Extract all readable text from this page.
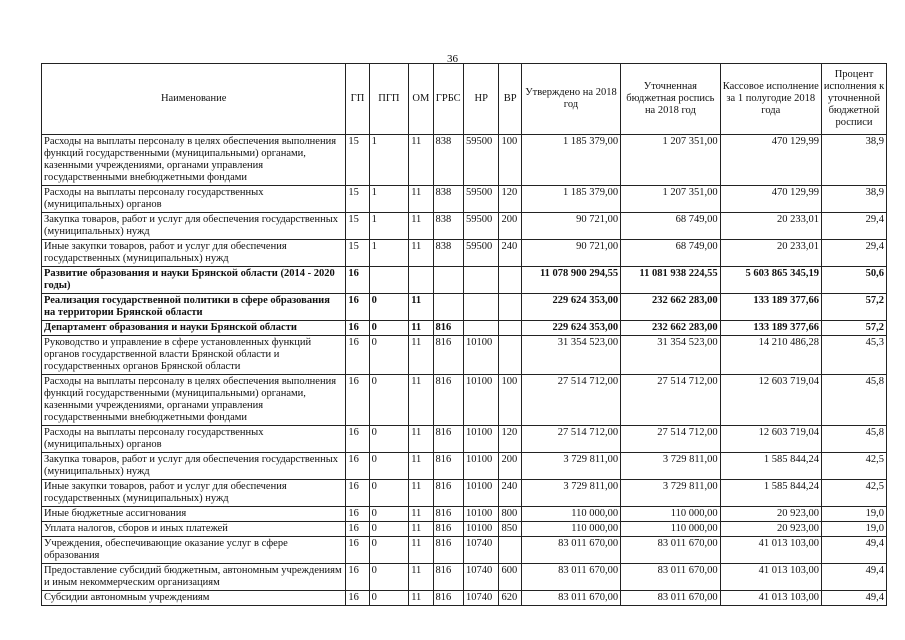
36
Наименование	ГП	ПГП	ОМ	ГРБС	НР	ВР	Утверждено на 2018 год	Уточненная бюджетная роспись на 2018 год	Кассовое исполнение за 1 полугодие 2018 года	Процент исполнения к уточненной бюджетной росписи
Расходы на выплаты персоналу в целях обеспечения выполнения функций государственными (муниципальными) органами, казенными учреждениями, органами управления государственными внебюджетными фондами	15	1	11	838	59500	100	1 185 379,00	1 207 351,00	470 129,99	38,9
Расходы на выплаты персоналу государственных (муниципальных) органов	15	1	11	838	59500	120	1 185 379,00	1 207 351,00	470 129,99	38,9
Закупка товаров, работ и услуг для обеспечения государственных (муниципальных) нужд	15	1	11	838	59500	200	90 721,00	68 749,00	20 233,01	29,4
Иные закупки товаров, работ и услуг для обеспечения государственных (муниципальных) нужд	15	1	11	838	59500	240	90 721,00	68 749,00	20 233,01	29,4
Развитие образования и науки Брянской области (2014 - 2020 годы)	16						11 078 900 294,55	11 081 938 224,55	5 603 865 345,19	50,6
Реализация государственной политики в сфере образования на территории Брянской области	16	0	11				229 624 353,00	232 662 283,00	133 189 377,66	57,2
Департамент образования и науки Брянской области	16	0	11	816			229 624 353,00	232 662 283,00	133 189 377,66	57,2
Руководство и управление в сфере установленных функций органов государственной власти Брянской области и государственных органов Брянской области	16	0	11	816	10100		31 354 523,00	31 354 523,00	14 210 486,28	45,3
Расходы на выплаты персоналу в целях обеспечения выполнения функций государственными (муниципальными) органами, казенными учреждениями, органами управления государственными внебюджетными фондами	16	0	11	816	10100	100	27 514 712,00	27 514 712,00	12 603 719,04	45,8
Расходы на выплаты персоналу государственных (муниципальных) органов	16	0	11	816	10100	120	27 514 712,00	27 514 712,00	12 603 719,04	45,8
Закупка товаров, работ и услуг для обеспечения государственных (муниципальных) нужд	16	0	11	816	10100	200	3 729 811,00	3 729 811,00	1 585 844,24	42,5
Иные закупки товаров, работ и услуг для обеспечения государственных (муниципальных) нужд	16	0	11	816	10100	240	3 729 811,00	3 729 811,00	1 585 844,24	42,5
Иные бюджетные ассигнования	16	0	11	816	10100	800	110 000,00	110 000,00	20 923,00	19,0
Уплата налогов, сборов и иных платежей	16	0	11	816	10100	850	110 000,00	110 000,00	20 923,00	19,0
Учреждения, обеспечивающие оказание услуг в сфере образования	16	0	11	816	10740		83 011 670,00	83 011 670,00	41 013 103,00	49,4
Предоставление субсидий бюджетным, автономным учреждениям и иным некоммерческим организациям	16	0	11	816	10740	600	83 011 670,00	83 011 670,00	41 013 103,00	49,4
Субсидии автономным учреждениям	16	0	11	816	10740	620	83 011 670,00	83 011 670,00	41 013 103,00	49,4
